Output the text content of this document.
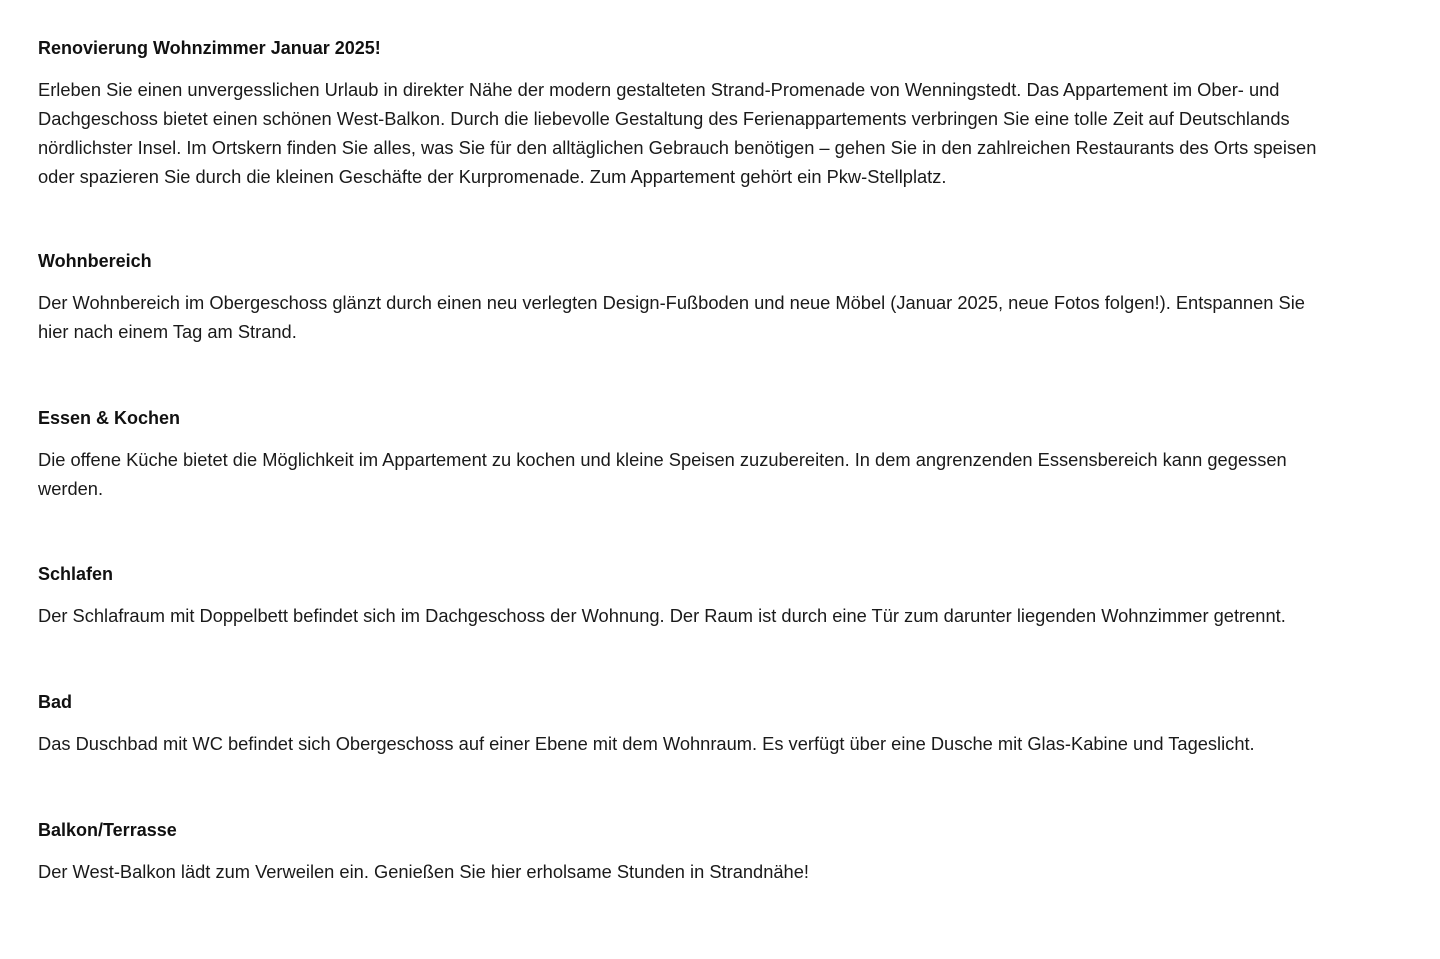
Renovierung Wohnzimmer Januar 2025!

Erleben Sie einen unvergesslichen Urlaub in direkter Nähe der modern gestalteten Strand-Promenade von Wenningstedt. Das Appartement im Ober- und
Dachgeschoss bietet einen schönen West-Balkon. Durch die liebevolle Gestaltung des Ferienappartements verbringen Sie eine tolle Zeit auf Deutschlands
nördlichster Insel. Im Ortskern finden Sie alles, was Sie für den alltäglichen Gebrauch benötigen – gehen Sie in den zahlreichen Restaurants des Orts speisen
oder spazieren Sie durch die kleinen Geschäfte der Kurpromenade. Zum Appartement gehört ein Pkw-Stellplatz.

Wohnbereich

Der Wohnbereich im Obergeschoss glänzt durch einen neu verlegten Design-Fußboden und neue Möbel (Januar 2025, neue Fotos folgen!). Entspannen Sie
hier nach einem Tag am Strand.

Essen & Kochen

Die offene Küche bietet die Möglichkeit im Appartement zu kochen und kleine Speisen zuzubereiten. In dem angrenzenden Essensbereich kann gegessen
werden.

Schlafen

Der Schlafraum mit Doppelbett befindet sich im Dachgeschoss der Wohnung. Der Raum ist durch eine Tür zum darunter liegenden Wohnzimmer getrennt.

Bad

Das Duschbad mit WC befindet sich Obergeschoss auf einer Ebene mit dem Wohnraum. Es verfügt über eine Dusche mit Glas-Kabine und Tageslicht.

Balkon/Terrasse

Der West-Balkon lädt zum Verweilen ein. Genießen Sie hier erholsame Stunden in Strandnähe!
